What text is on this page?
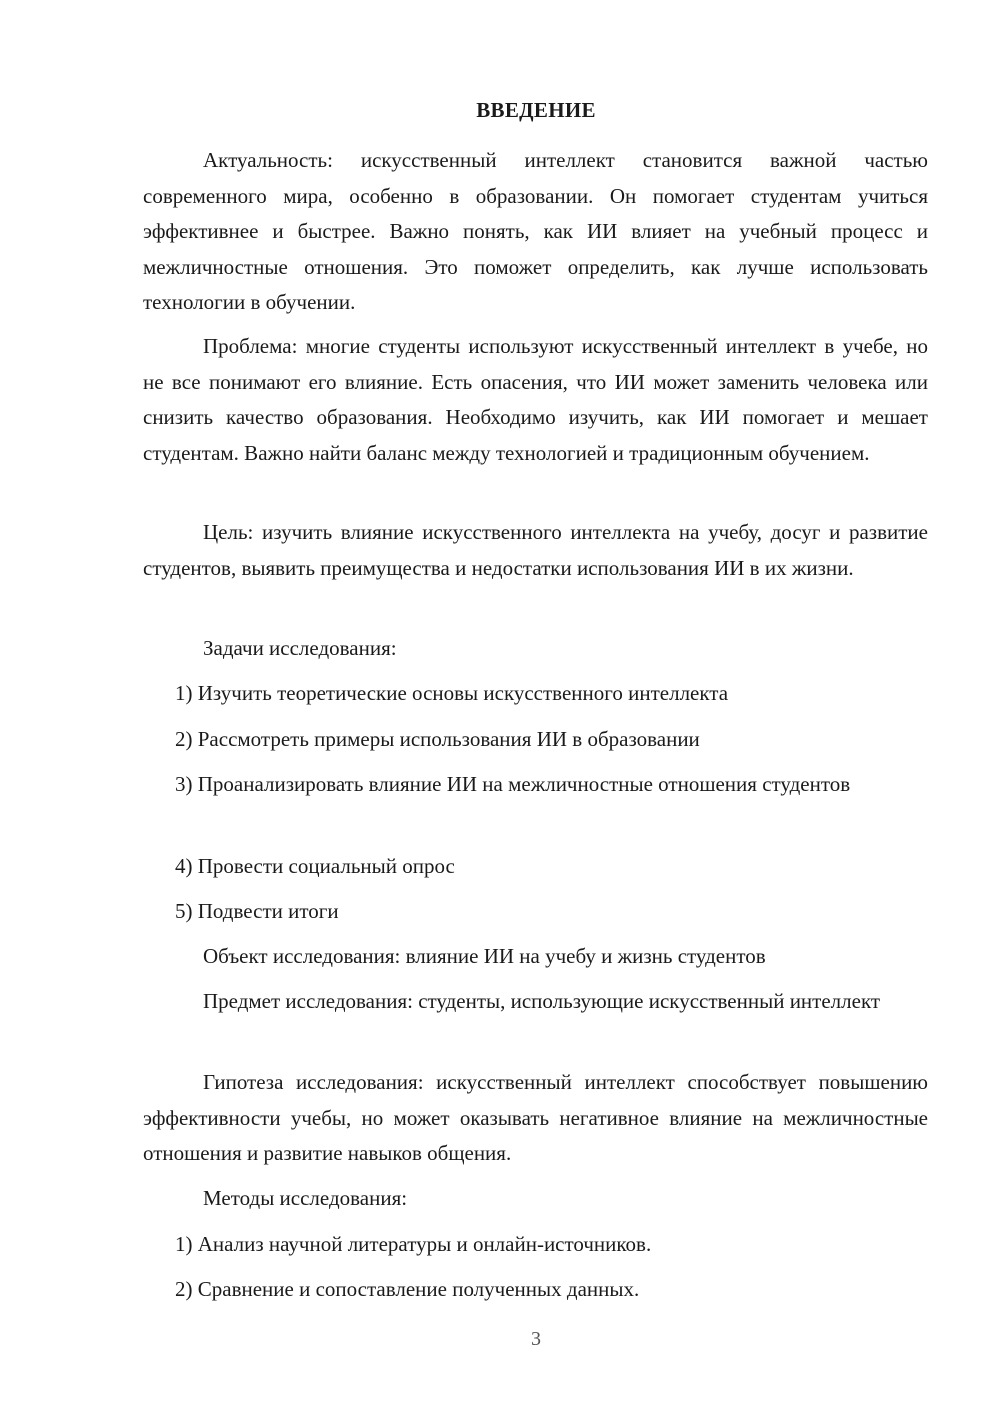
ВВЕДЕНИЕ
Актуальность: искусственный интеллект становится важной частью современного мира, особенно в образовании. Он помогает студентам учиться эффективнее и быстрее. Важно понять, как ИИ влияет на учебный процесс и межличностные отношения. Это поможет определить, как лучше использовать технологии в обучении.
Проблема: многие студенты используют искусственный интеллект в учебе, но не все понимают его влияние. Есть опасения, что ИИ может заменить человека или снизить качество образования. Необходимо изучить, как ИИ помогает и мешает студентам. Важно найти баланс между технологией и традиционным обучением.
Цель: изучить влияние искусственного интеллекта на учебу, досуг и развитие студентов, выявить преимущества и недостатки использования ИИ в их жизни.
Задачи исследования:
1) Изучить теоретические основы искусственного интеллекта
2) Рассмотреть примеры использования ИИ в образовании
3) Проанализировать влияние ИИ на межличностные отношения студентов
4) Провести социальный опрос
5) Подвести итоги
Объект исследования: влияние ИИ на учебу и жизнь студентов
Предмет исследования: студенты, использующие искусственный интеллект
Гипотеза исследования: искусственный интеллект способствует повышению эффективности учебы, но может оказывать негативное влияние на межличностные отношения и развитие навыков общения.
Методы исследования:
1) Анализ научной литературы и онлайн-источников.
2) Сравнение и сопоставление полученных данных.
3
